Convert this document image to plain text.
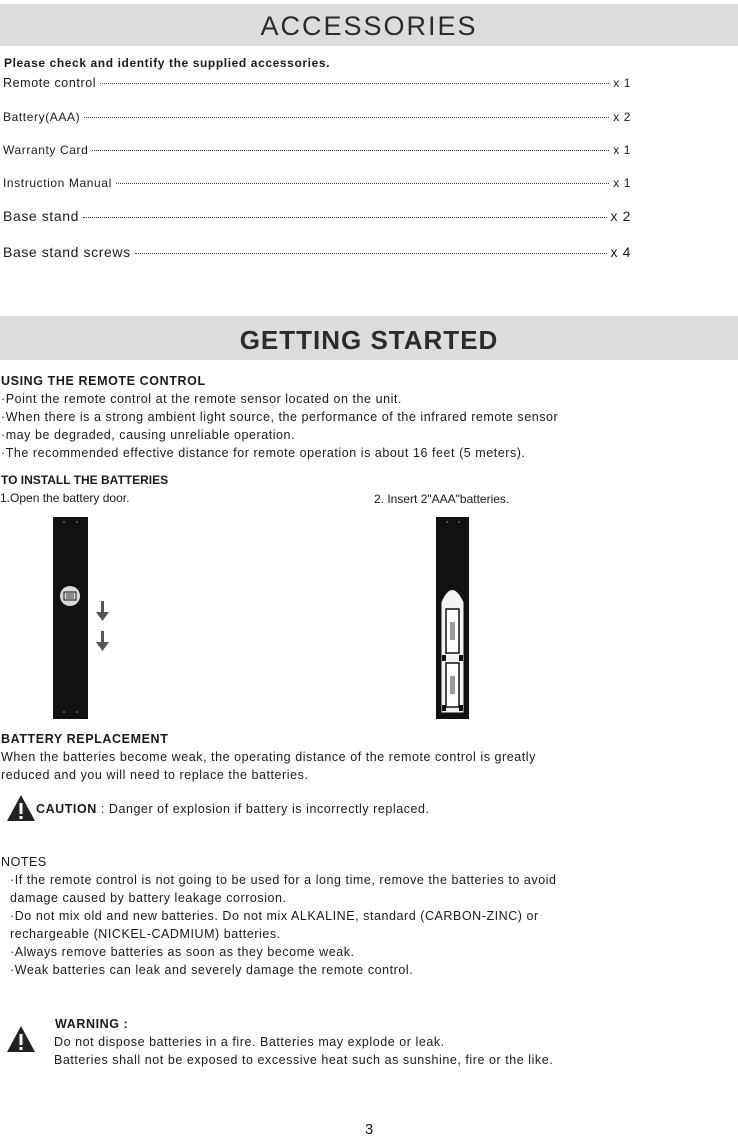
ACCESSORIES
Please check and identify the supplied accessories.
Remote control	x 1
Battery(AAA)	x 2
Warranty Card	x 1
Instruction Manual	x 1
Base stand	x 2
Base stand screws	x 4
GETTING STARTED
USING THE REMOTE CONTROL
·Point the remote control at the remote sensor located on the unit.
·When there is a strong ambient light source, the performance of the infrared remote sensor
·may be degraded, causing unreliable operation.
·The recommended effective distance for remote operation is about 16 feet (5 meters).
TO INSTALL THE BATTERIES
1.Open the battery door.	2. Insert 2"AAA"batteries.
BATTERY REPLACEMENT
When the batteries become weak, the operating distance of the remote control is greatly
reduced and you will need to replace the batteries.
CAUTION : Danger of explosion if battery is incorrectly replaced.
NOTES
·If the remote control is not going to be used for a long time, remove the batteries to avoid
damage caused by battery leakage corrosion.
·Do not mix old and new batteries. Do not mix ALKALINE, standard (CARBON-ZINC) or
rechargeable (NICKEL-CADMIUM) batteries.
·Always remove batteries as soon as they become weak.
·Weak batteries can leak and severely damage the remote control.
WARNING :
Do not dispose batteries in a fire. Batteries may explode or leak.
Batteries shall not be exposed to excessive heat such as sunshine, fire or the like.
3
